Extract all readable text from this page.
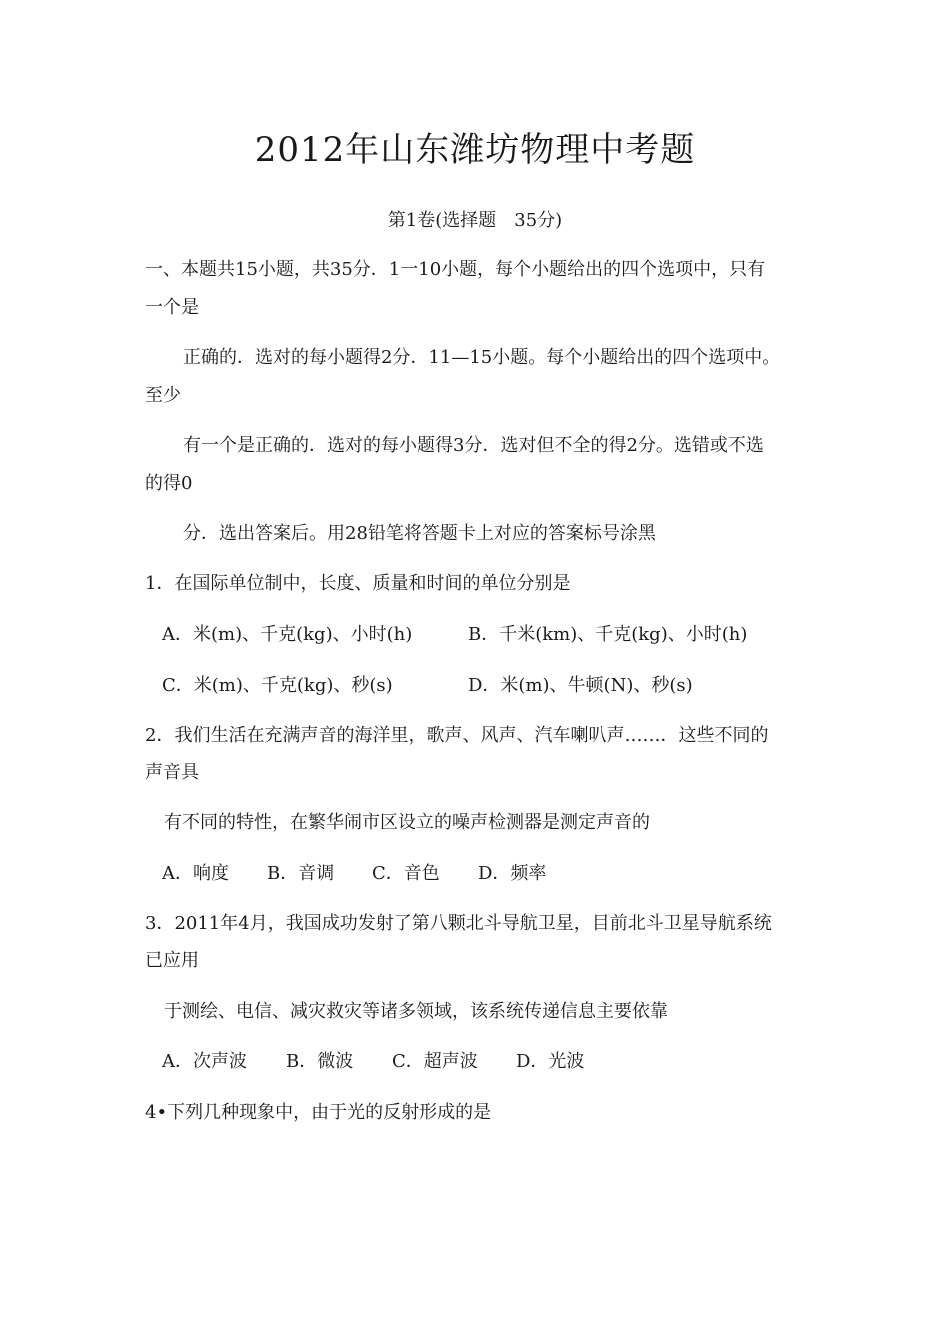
2012年山东潍坊物理中考题

第1卷(选择题　35分)

一、本题共15小题，共35分．1一10小题，每个小题给出的四个选项中，只有

一个是

正确的．选对的每小题得2分．11—15小题。每个小题给出的四个选项中。

至少

有一个是正确的．选对的每小题得3分．选对但不全的得2分。选错或不选

的得0

分．选出答案后。用28铅笔将答题卡上对应的答案标号涂黑

1．在国际单位制中，长度、质量和时间的单位分别是

A．米(m)、千克(kg)、小时(h)	B．千米(km)、千克(kg)、小时(h)
C．米(m)、千克(kg)、秒(s)	D．米(m)、牛顿(N)、秒(s)

2．我们生活在充满声音的海洋里，歌声、风声、汽车喇叭声……．这些不同的

声音具

有不同的特性，在繁华闹市区设立的噪声检测器是测定声音的

A．响度 B．音调 C．音色 D．频率

3．2011年4月，我国成功发射了第八颗北斗导航卫星，目前北斗卫星导航系统

已应用

于测绘、电信、减灾救灾等诸多领域，该系统传递信息主要依靠

A．次声波 B．微波 C．超声波 D．光波

4•下列几种现象中，由于光的反射形成的是
